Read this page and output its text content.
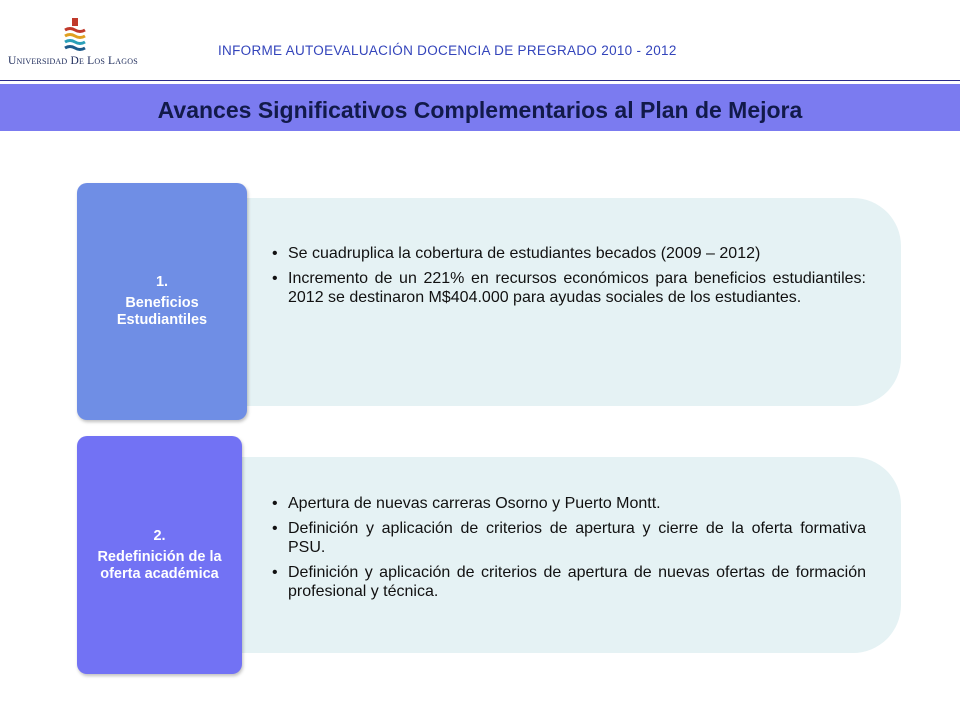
Universidad De Los Lagos
INFORME AUTOEVALUACIÓN DOCENCIA DE PREGRADO 2010 - 2012
Avances Significativos Complementarios al Plan de Mejora
1.
Beneficios Estudiantiles
• Se cuadruplica la cobertura de estudiantes becados (2009 – 2012)
• Incremento de un 221% en recursos económicos para beneficios estudiantiles: 2012 se destinaron M$404.000 para ayudas sociales de los estudiantes.
2.
Redefinición de la oferta académica
• Apertura de nuevas carreras Osorno y Puerto Montt.
• Definición y aplicación de criterios de apertura y cierre de la oferta formativa PSU.
• Definición y aplicación de criterios de apertura de nuevas ofertas de formación profesional y técnica.
